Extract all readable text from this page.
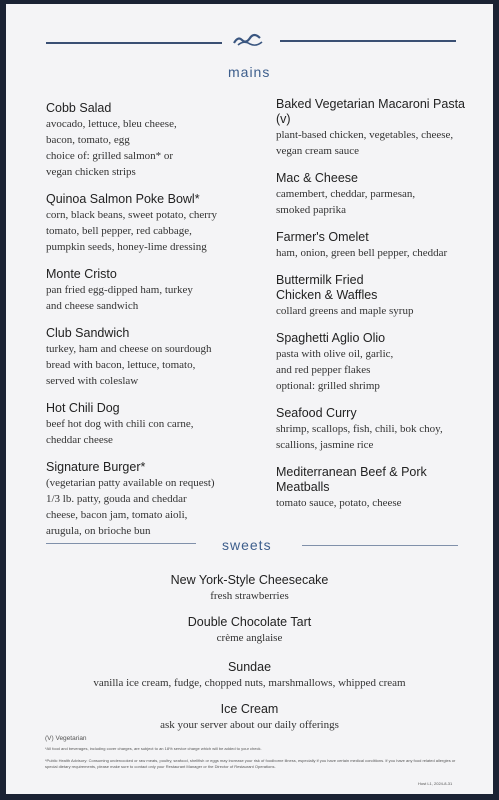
mains
Cobb Salad
avocado, lettuce, bleu cheese,
bacon, tomato, egg
choice of: grilled salmon* or
vegan chicken strips
Quinoa Salmon Poke Bowl*
corn, black beans, sweet potato, cherry
tomato, bell pepper, red cabbage,
pumpkin seeds, honey-lime dressing
Monte Cristo
pan fried egg-dipped ham, turkey
and cheese sandwich
Club Sandwich
turkey, ham and cheese on sourdough
bread with bacon, lettuce, tomato,
served with coleslaw
Hot Chili Dog
beef hot dog with chili con carne,
cheddar cheese
Signature Burger*
(vegetarian patty available on request)
1/3 lb. patty, gouda and cheddar
cheese, bacon jam, tomato aioli,
arugula, on brioche bun
Baked Vegetarian Macaroni Pasta (v)
plant-based chicken, vegetables, cheese,
vegan cream sauce
Mac & Cheese
camembert, cheddar, parmesan,
smoked paprika
Farmer's Omelet
ham, onion, green bell pepper, cheddar
Buttermilk Fried
Chicken & Waffles
collard greens and maple syrup
Spaghetti Aglio Olio
pasta with olive oil, garlic,
and red pepper flakes
optional: grilled shrimp
Seafood Curry
shrimp, scallops, fish, chili, bok choy,
scallions, jasmine rice
Mediterranean Beef & Pork
Meatballs
tomato sauce, potato, cheese
sweets
New York-Style Cheesecake
fresh strawberries
Double Chocolate Tart
crème anglaise
Sundae
vanilla ice cream, fudge, chopped nuts, marshmallows, whipped cream
Ice Cream
ask your server about our daily offerings
(V) Vegetarian
*All food and beverages, including cover charges, are subject to an 18% service charge which will be added to your check.
*Public Health Advisory: Consuming undercooked or raw meats, poultry, seafood, shellfish or eggs may increase your risk of foodborne illness, especially if you have certain medical conditions. If you have any food related allergies or special dietary requirements, please make sure to contact only your Restaurant Manager or the Director of Restaurant Operations.
Host L1, 2024-8-31
